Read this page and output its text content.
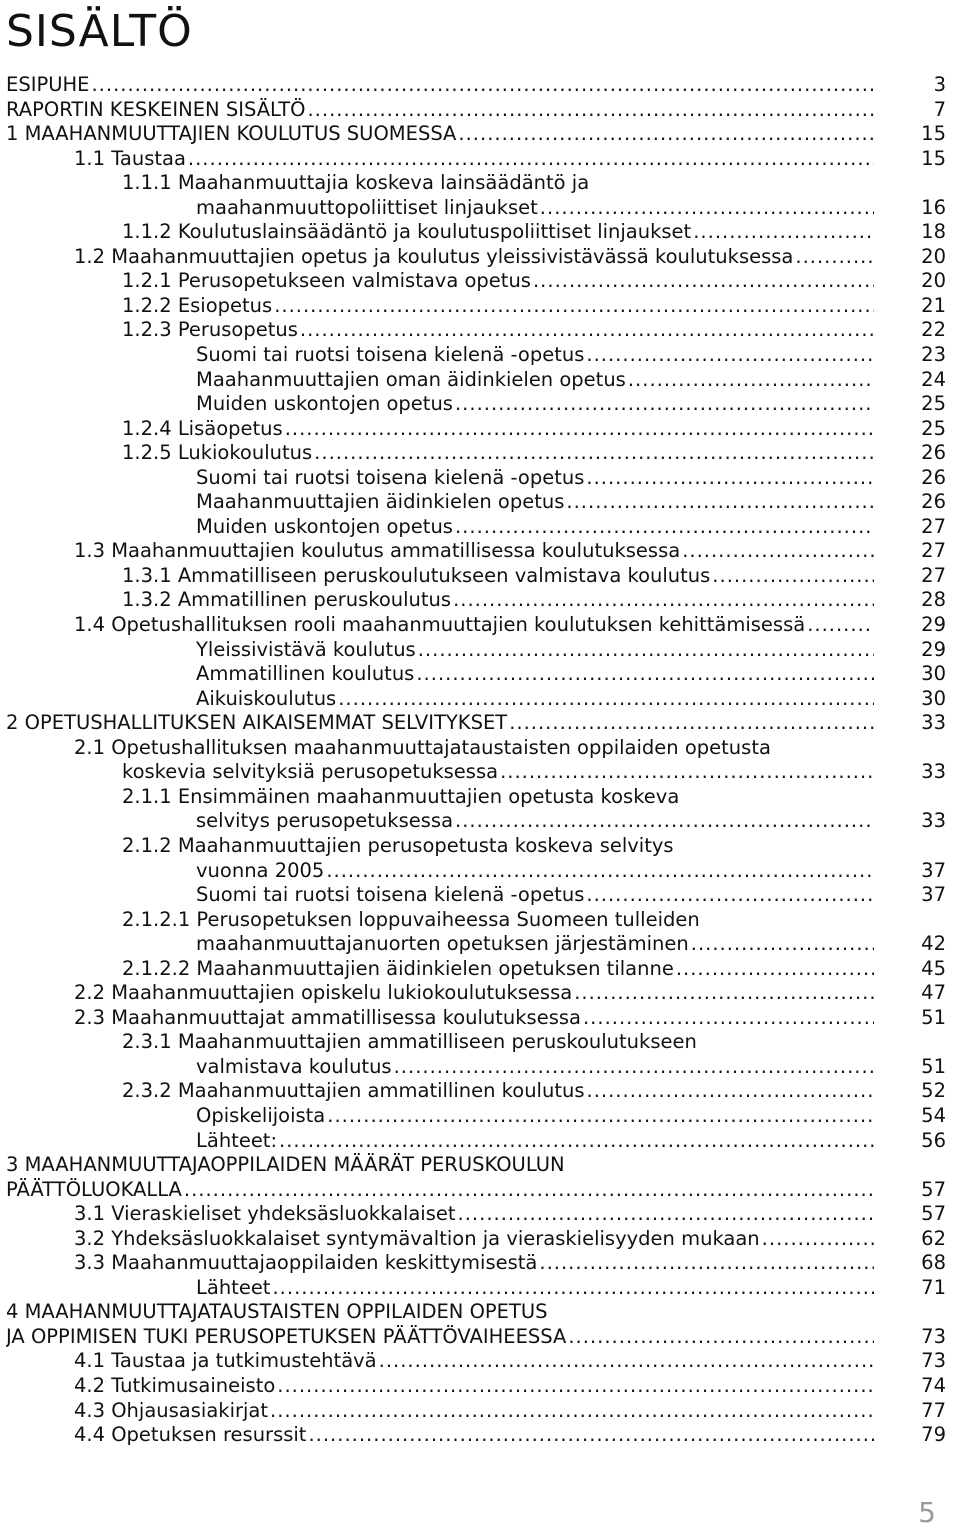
SISÄLTÖ
ESIPUHE .....	3
RAPORTIN KESKEINEN SISÄLTÖ .....	7
1 MAAHANMUUTTAJIEN KOULUTUS SUOMESSA .....	15
1.1 Taustaa .....	15
1.1.1 Maahanmuuttajia koskeva lainsäädäntö ja
maahanmuuttopoliittiset linjaukset .....	16
1.1.2 Koulutuslainsäädäntö ja koulutuspoliittiset linjaukset .....	18
1.2 Maahanmuuttajien opetus ja koulutus yleissivistävässä koulutuksessa .....	20
1.2.1 Perusopetukseen valmistava opetus .....	20
1.2.2 Esiopetus .....	21
1.2.3 Perusopetus .....	22
Suomi tai ruotsi toisena kielenä -opetus .....	23
Maahanmuuttajien oman äidinkielen opetus .....	24
Muiden uskontojen opetus .....	25
1.2.4 Lisäopetus .....	25
1.2.5 Lukiokoulutus .....	26
Suomi tai ruotsi toisena kielenä -opetus .....	26
Maahanmuuttajien äidinkielen opetus .....	26
Muiden uskontojen opetus .....	27
1.3 Maahanmuuttajien koulutus ammatillisessa koulutuksessa .....	27
1.3.1 Ammatilliseen peruskoulutukseen valmistava koulutus .....	27
1.3.2 Ammatillinen peruskoulutus .....	28
1.4 Opetushallituksen rooli maahanmuuttajien koulutuksen kehittämisessä .....	29
Yleissivistävä koulutus .....	29
Ammatillinen koulutus .....	30
Aikuiskoulutus .....	30
2 OPETUSHALLITUKSEN AIKAISEMMAT SELVITYKSET .....	33
2.1 Opetushallituksen maahanmuuttajataustaisten oppilaiden opetusta
koskevia selvityksiä perusopetuksessa .....	33
2.1.1 Ensimmäinen maahanmuuttajien opetusta koskeva
selvitys perusopetuksessa .....	33
2.1.2 Maahanmuuttajien perusopetusta koskeva selvitys
vuonna 2005 .....	37
Suomi tai ruotsi toisena kielenä -opetus .....	37
2.1.2.1 Perusopetuksen loppuvaiheessa Suomeen tulleiden
maahanmuuttajanuorten opetuksen järjestäminen .....	42
2.1.2.2 Maahanmuuttajien äidinkielen opetuksen tilanne .....	45
2.2 Maahanmuuttajien opiskelu lukiokoulutuksessa .....	47
2.3 Maahanmuuttajat ammatillisessa koulutuksessa .....	51
2.3.1 Maahanmuuttajien ammatilliseen peruskoulutukseen
valmistava koulutus .....	51
2.3.2 Maahanmuuttajien ammatillinen koulutus .....	52
Opiskelijoista .....	54
Lähteet: .....	56
3 MAAHANMUUTTAJAOPPILAIDEN MÄÄRÄT PERUSKOULUN
PÄÄTTÖLUOKALLA .....	57
3.1 Vieraskieliset yhdeksäsluokkalaiset .....	57
3.2 Yhdeksäsluokkalaiset syntymävaltion ja vieraskielisyyden mukaan .....	62
3.3 Maahanmuuttajaoppilaiden keskittymisestä .....	68
Lähteet .....	71
4 MAAHANMUUTTAJATAUSTAISTEN OPPILAIDEN OPETUS
JA OPPIMISEN TUKI PERUSOPETUKSEN PÄÄTTÖVAIHEESSA .....	73
4.1 Taustaa ja tutkimustehtävä .....	73
4.2 Tutkimusaineisto .....	74
4.3 Ohjausasiakirjat .....	77
4.4 Opetuksen resurssit .....	79
5
